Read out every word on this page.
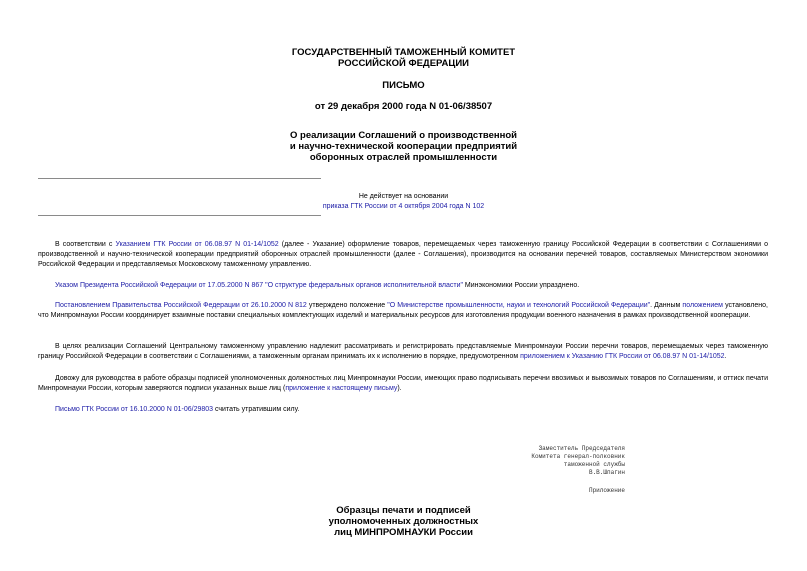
ГОСУДАРСТВЕННЫЙ ТАМОЖЕННЫЙ КОМИТЕТ
РОССИЙСКОЙ ФЕДЕРАЦИИ
ПИСЬМО
от 29 декабря 2000 года N 01-06/38507
О реализации Соглашений о производственной
и научно-технической кооперации предприятий
оборонных отраслей промышленности
Не действует на основании
приказа ГТК России от 4 октября 2004 года N 102
В соответствии с Указанием ГТК России от 06.08.97 N 01-14/1052 (далее - Указание) оформление товаров, перемещаемых через таможенную границу Российской Федерации в соответствии с Соглашениями о производственной и научно-технической кооперации предприятий оборонных отраслей промышленности (далее - Соглашения), производится на основании перечней товаров, составляемых Министерством экономики Российской Федерации и представляемых Московскому таможенному управлению.
Указом Президента Российской Федерации от 17.05.2000 N 867 "О структуре федеральных органов исполнительной власти" Минэкономики России упразднено.
Постановлением Правительства Российской Федерации от 26.10.2000 N 812 утверждено положение "О Министерстве промышленности, науки и технологий Российской Федерации". Данным положением установлено, что Минпромнауки России координирует взаимные поставки специальных комплектующих изделий и материальных ресурсов для изготовления продукции военного назначения в рамках производственной кооперации.
В целях реализации Соглашений Центральному таможенному управлению надлежит рассматривать и регистрировать представляемые Минпромнауки России перечни товаров, перемещаемых через таможенную границу Российской Федерации в соответствии с Соглашениями, а таможенным органам принимать их к исполнению в порядке, предусмотренном приложением к Указанию ГТК России от 06.08.97 N 01-14/1052.
Довожу для руководства в работе образцы подписей уполномоченных должностных лиц Минпромнауки России, имеющих право подписывать перечни ввозимых и вывозимых товаров по Соглашениям, и оттиск печати Минпромнауки России, которым заверяются подписи указанных выше лиц (приложение к настоящему письму).
Письмо ГТК России от 16.10.2000 N 01-06/29803 считать утратившим силу.
Заместитель Председателя
Комитета генерал-полковник
таможенной службы
В.В.Шпагин
Приложение
Образцы печати и подписей
уполномоченных должностных
лиц МИНПРОМНАУКИ России
